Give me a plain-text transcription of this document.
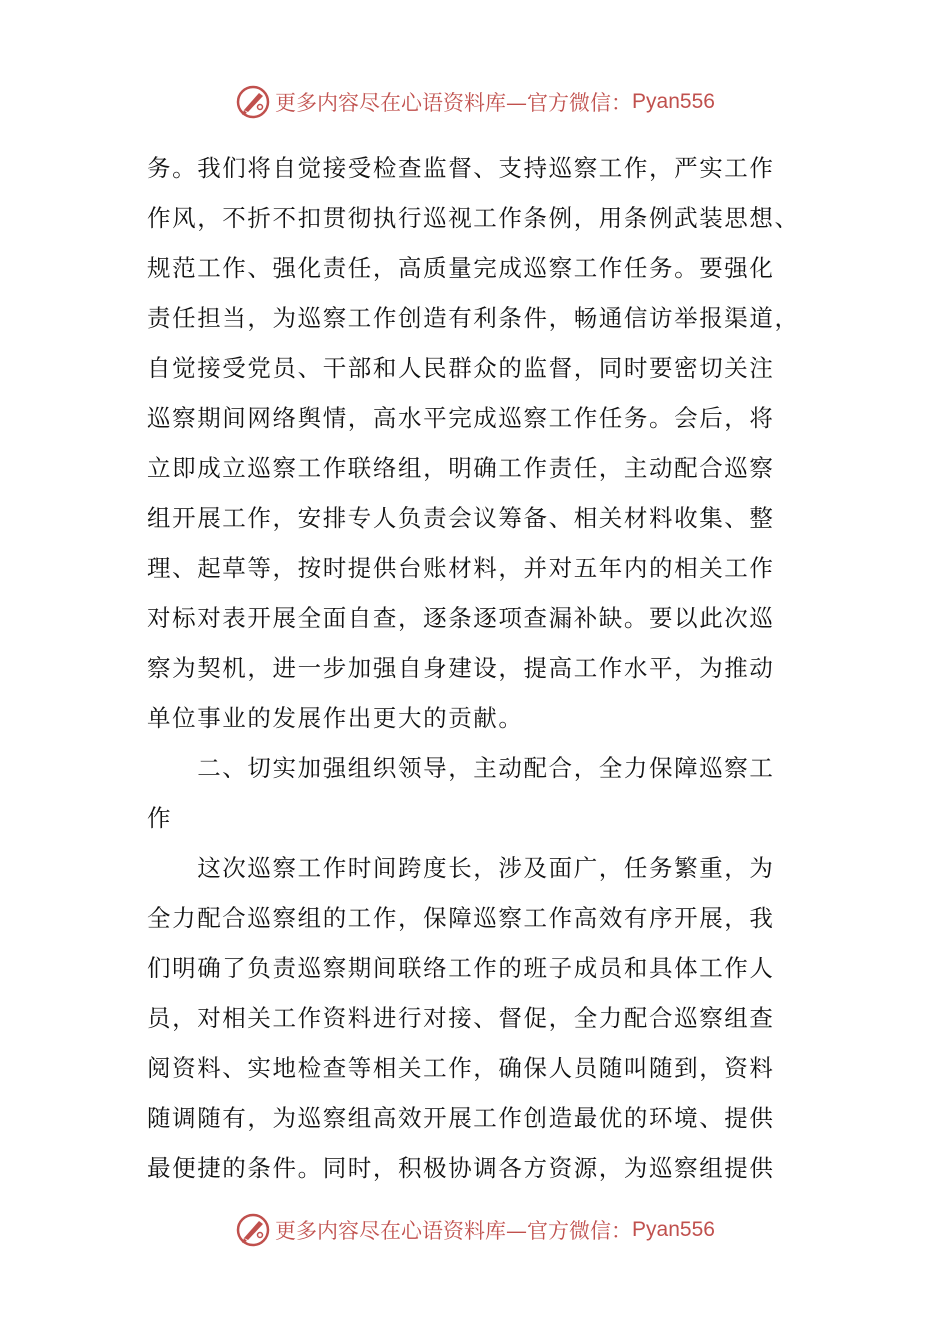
更多内容尽在心语资料库—官方微信： Pyan556
务。我们将自觉接受检查监督、支持巡察工作，严实工作
作风，不折不扣贯彻执行巡视工作条例，用条例武装思想、
规范工作、强化责任，高质量完成巡察工作任务。要强化
责任担当，为巡察工作创造有利条件，畅通信访举报渠道，
自觉接受党员、干部和人民群众的监督，同时要密切关注
巡察期间网络舆情，高水平完成巡察工作任务。会后，将
立即成立巡察工作联络组，明确工作责任，主动配合巡察
组开展工作，安排专人负责会议筹备、相关材料收集、整
理、起草等，按时提供台账材料，并对五年内的相关工作
对标对表开展全面自查，逐条逐项查漏补缺。要以此次巡
察为契机，进一步加强自身建设，提高工作水平，为推动
单位事业的发展作出更大的贡献。
　　二、切实加强组织领导，主动配合，全力保障巡察工
作
　　这次巡察工作时间跨度长，涉及面广，任务繁重，为
全力配合巡察组的工作，保障巡察工作高效有序开展，我
们明确了负责巡察期间联络工作的班子成员和具体工作人
员，对相关工作资料进行对接、督促，全力配合巡察组查
阅资料、实地检查等相关工作，确保人员随叫随到，资料
随调随有，为巡察组高效开展工作创造最优的环境、提供
最便捷的条件。同时，积极协调各方资源，为巡察组提供
更多内容尽在心语资料库—官方微信： Pyan556
